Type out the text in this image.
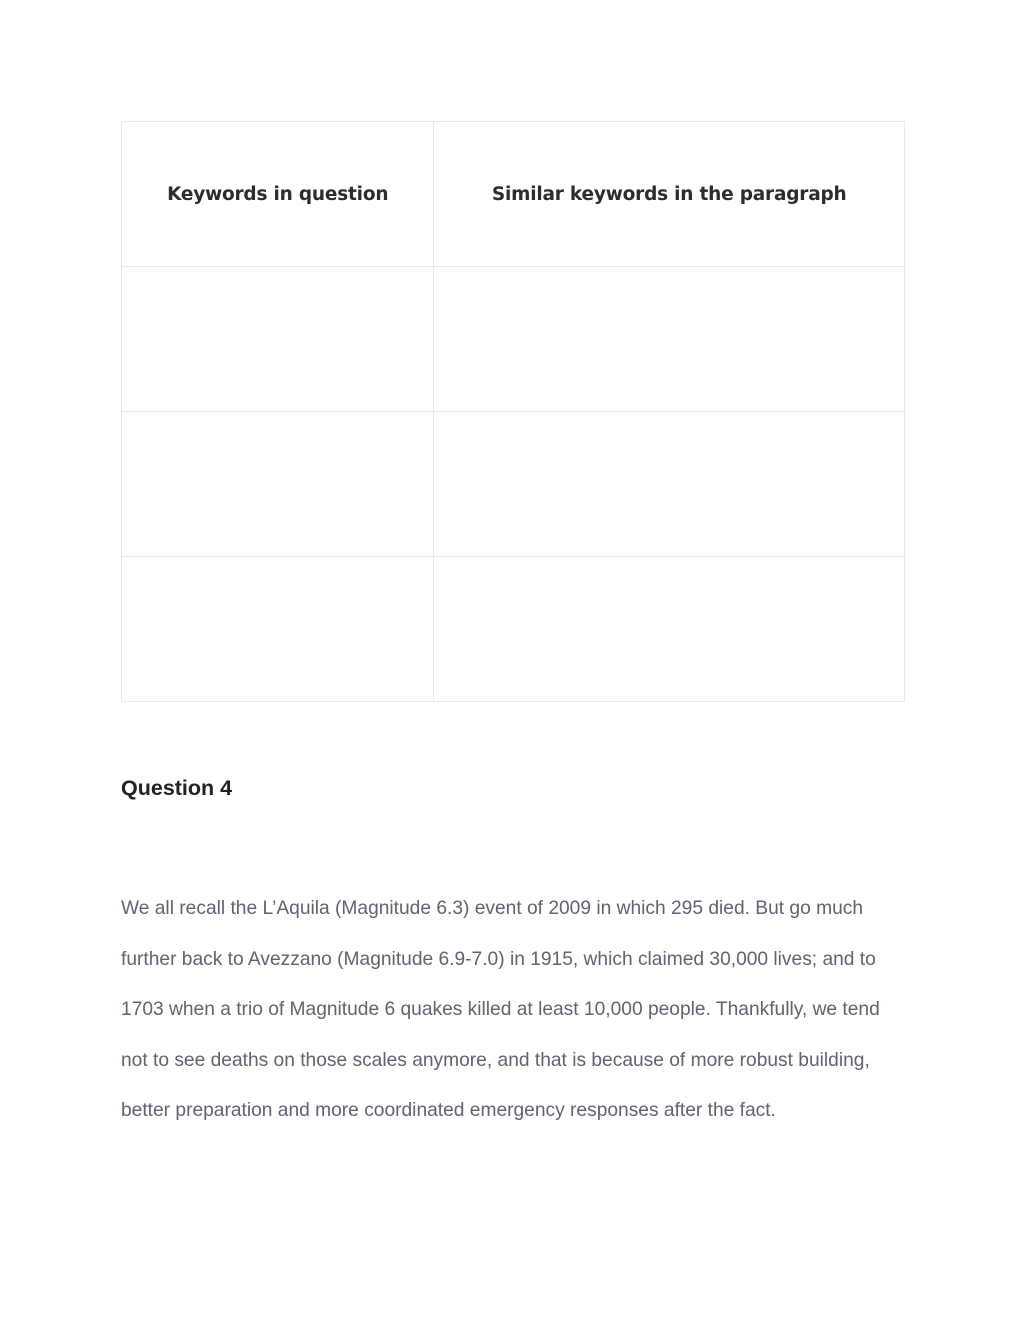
Keywords in question	Similar keywords in the paragraph

Question 4

We all recall the L’Aquila (Magnitude 6.3) event of 2009 in which 295 died. But go much further back to Avezzano (Magnitude 6.9-7.0) in 1915, which claimed 30,000 lives; and to 1703 when a trio of Magnitude 6 quakes killed at least 10,000 people. Thankfully, we tend not to see deaths on those scales anymore, and that is because of more robust building, better preparation and more coordinated emergency responses after the fact.
